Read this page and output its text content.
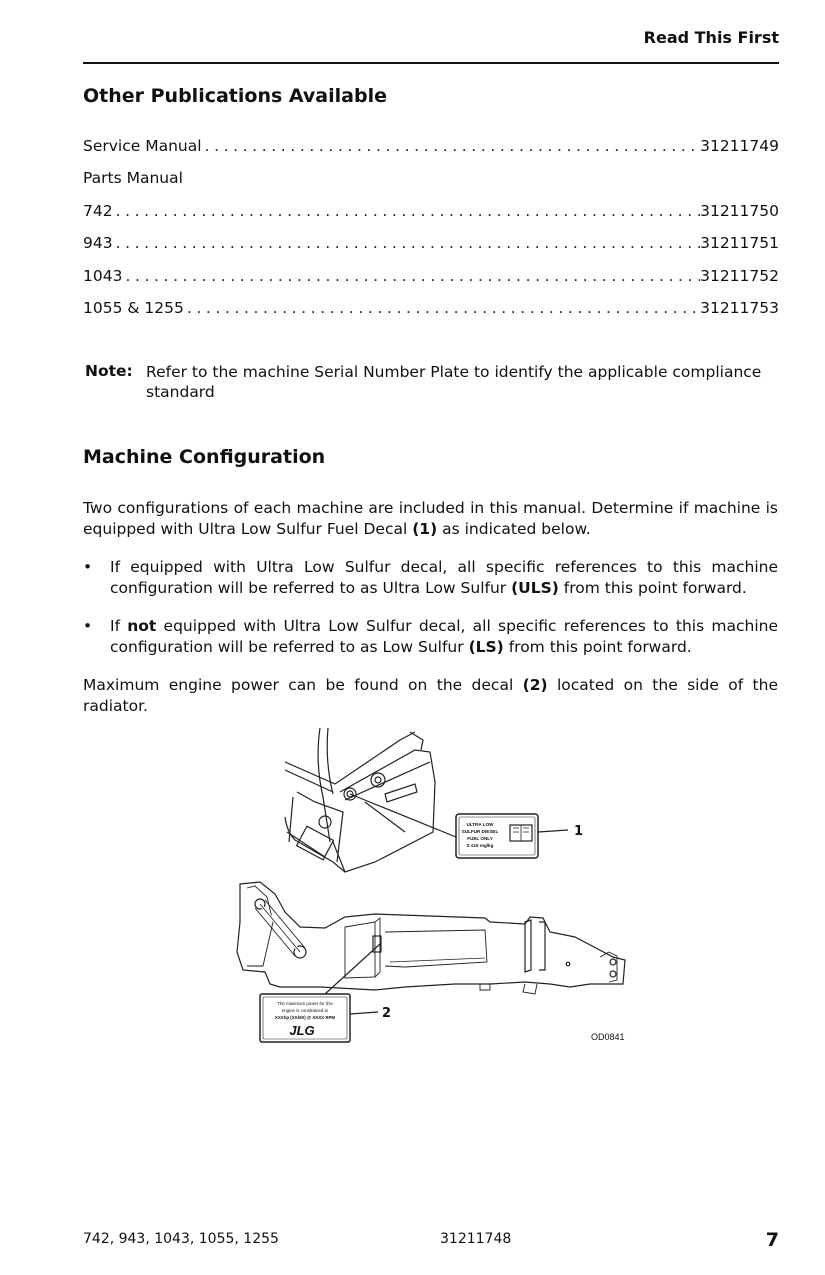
Read This First
Other Publications Available
Service Manual .....	31211749
Parts Manual
742 .....	31211750
943 .....	31211751
1043 .....	31211752
1055 & 1255 .....	31211753
Note: Refer to the machine Serial Number Plate to identify the applicable compliance standard
Machine Configuration
Two configurations of each machine are included in this manual. Determine if machine is equipped with Ultra Low Sulfur Fuel Decal (1) as indicated below.
•	If equipped with Ultra Low Sulfur decal, all specific references to this machine configuration will be referred to as Ultra Low Sulfur (ULS) from this point forward.
•	If not equipped with Ultra Low Sulfur decal, all specific references to this machine configuration will be referred to as Low Sulfur (LS) from this point forward.
Maximum engine power can be found on the decal (2) located on the side of the radiator.
ULTRA LOW
SULFUR DIESEL
FUEL ONLY
S ≤15 mg/kg
1
The maximum power for this
engine is constrained to
XXXhp (XXkW) @ XXXX RPM
JLG
2
OD0841
742, 943, 1043, 1055, 1255	31211748	7
